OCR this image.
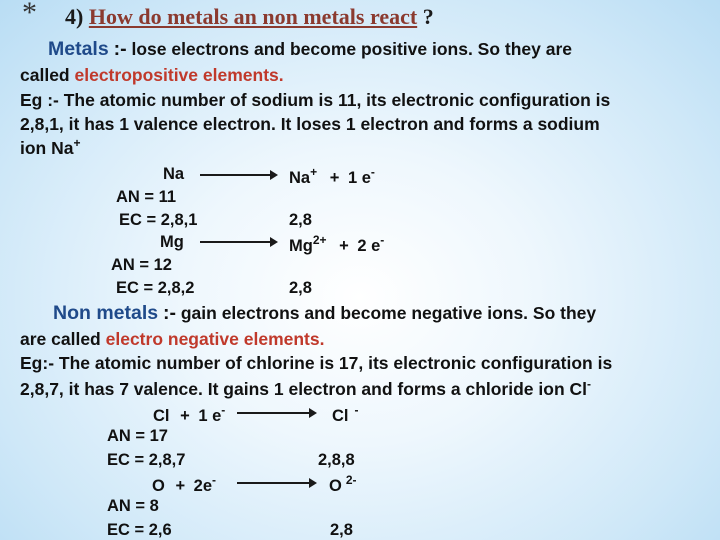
* 4) How do metals an non metals react ?
Metals :- lose electrons and become positive ions. So they are
called electropositive elements.
Eg :- The atomic number of sodium is 11, its electronic configuration is
2,8,1, it has 1 valence electron. It loses 1 electron and forms a sodium
ion Na+
Na	Na+ + 1 e-
AN = 11
EC = 2,8,1	2,8
Mg	$Mg^{2+} + 2$ e-
AN = 12
EC = 2,8,2	2,8
Non metals :- gain electrons and become negative ions. So they
are called electro negative elements.
Eg:- The atomic number of chlorine is 17, its electronic configuration is
2,8,7, it has 7 valence. It gains 1 electron and forms a chloride ion Cl-
Cl + 1 e-	Cl -
AN = 17
EC = 2,8,7	2,8,8
O + 2e-	O $^{2-}$
AN = 8
EC = 2,6	2,8
